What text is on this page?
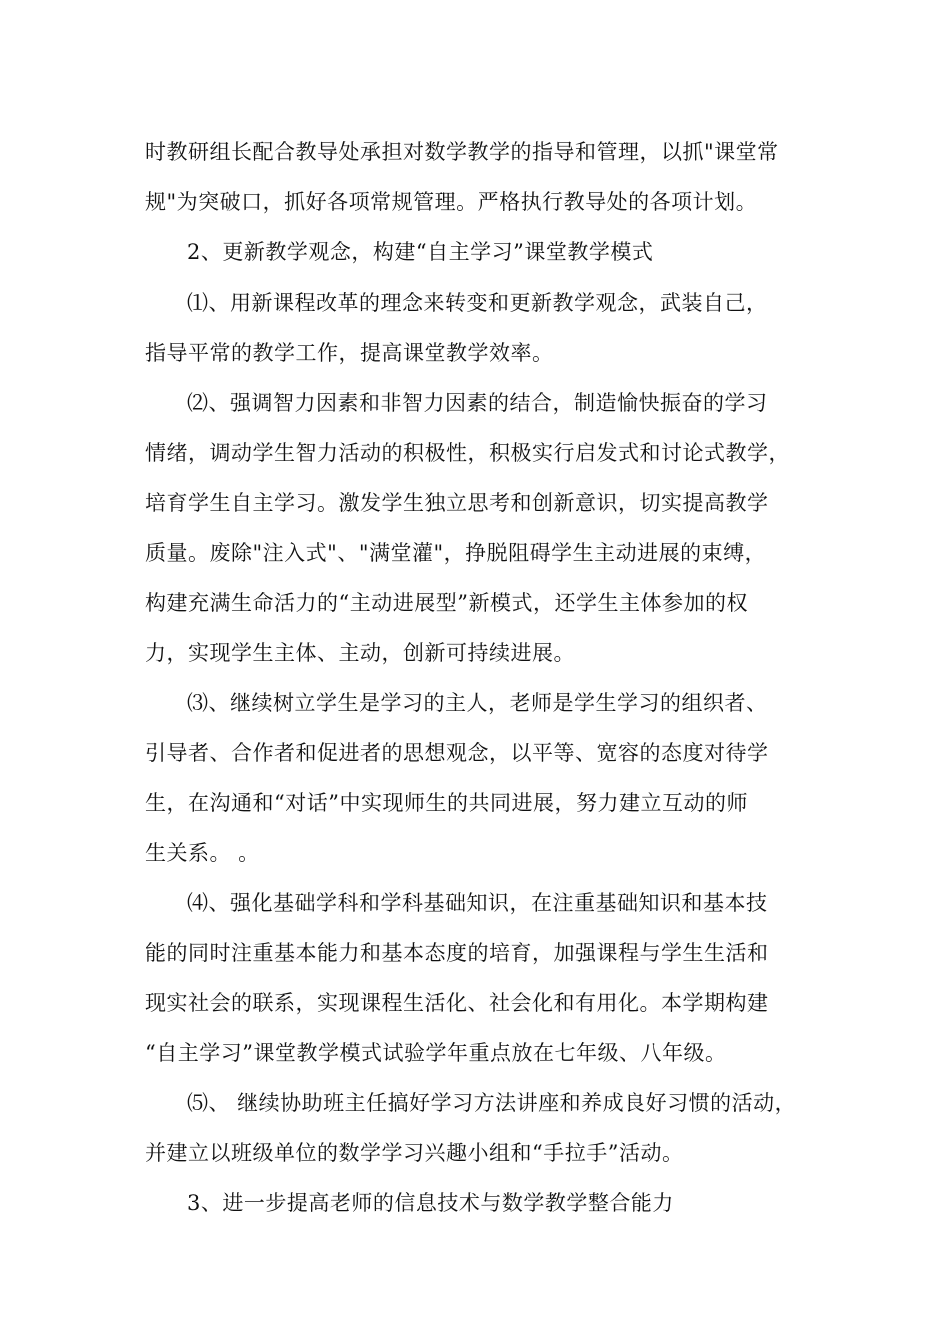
时教研组长配合教导处承担对数学教学的指导和管理，以抓"课堂常
规"为突破口，抓好各项常规管理。严格执行教导处的各项计划。
2、更新教学观念，构建“自主学习”课堂教学模式
⑴、用新课程改革的理念来转变和更新教学观念，武装自己，
指导平常的教学工作，提高课堂教学效率。
⑵、强调智力因素和非智力因素的结合，制造愉快振奋的学习
情绪，调动学生智力活动的积极性，积极实行启发式和讨论式教学，
培育学生自主学习。激发学生独立思考和创新意识，切实提高教学
质量。废除"注入式"、"满堂灌"，挣脱阻碍学生主动进展的束缚，
构建充满生命活力的“主动进展型”新模式，还学生主体参加的权
力，实现学生主体、主动，创新可持续进展。
⑶、继续树立学生是学习的主人，老师是学生学习的组织者、
引导者、合作者和促进者的思想观念，以平等、宽容的态度对待学
生，在沟通和“对话”中实现师生的共同进展，努力建立互动的师
生关系。 。
⑷、强化基础学科和学科基础知识，在注重基础知识和基本技
能的同时注重基本能力和基本态度的培育，加强课程与学生生活和
现实社会的联系，实现课程生活化、社会化和有用化。本学期构建
“自主学习”课堂教学模式试验学年重点放在七年级、八年级。
⑸、 继续协助班主任搞好学习方法讲座和养成良好习惯的活动，
并建立以班级单位的数学学习兴趣小组和“手拉手”活动。
3、进一步提高老师的信息技术与数学教学整合能力
